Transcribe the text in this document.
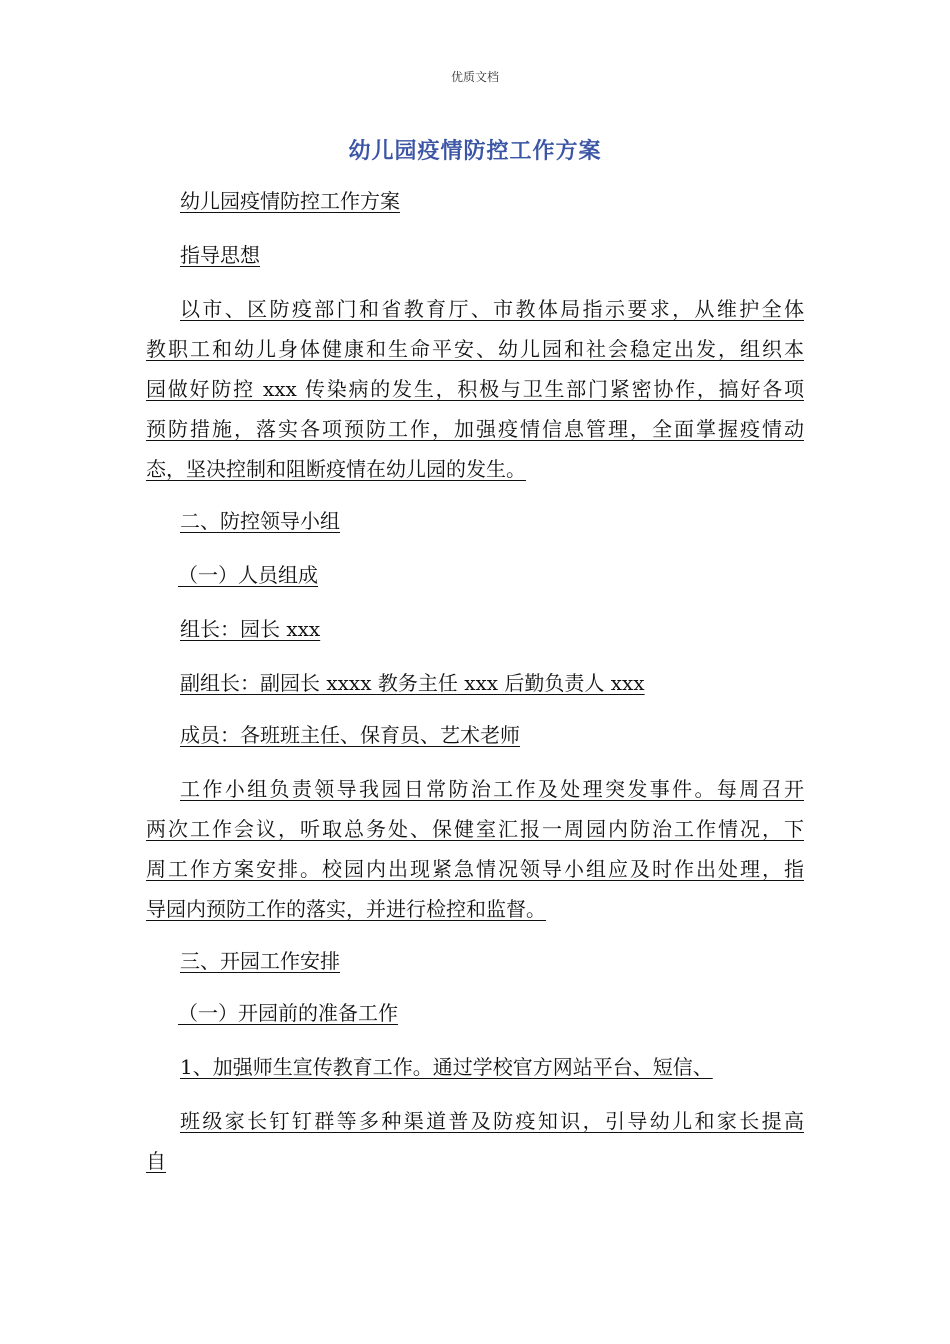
优质文档
幼儿园疫情防控工作方案
幼儿园疫情防控工作方案
指导思想
以市、区防疫部门和省教育厅、市教体局指示要求，从维护全体
教职工和幼儿身体健康和生命平安、幼儿园和社会稳定出发，组织本
园做好防控 xxx 传染病的发生，积极与卫生部门紧密协作，搞好各项
预防措施，落实各项预防工作，加强疫情信息管理，全面掌握疫情动
态，坚决控制和阻断疫情在幼儿园的发生。
二、防控领导小组
（一）人员组成
组长：园长 xxx
副组长：副园长 xxxx 教务主任 xxx 后勤负责人 xxx
成员：各班班主任、保育员、艺术老师
工作小组负责领导我园日常防治工作及处理突发事件。每周召开
两次工作会议，听取总务处、保健室汇报一周园内防治工作情况，下
周工作方案安排。校园内出现紧急情况领导小组应及时作出处理，指
导园内预防工作的落实，并进行检控和监督。
三、开园工作安排
（一）开园前的准备工作
1、加强师生宣传教育工作。通过学校官方网站平台、短信、
班级家长钉钉群等多种渠道普及防疫知识，引导幼儿和家长提高
自
